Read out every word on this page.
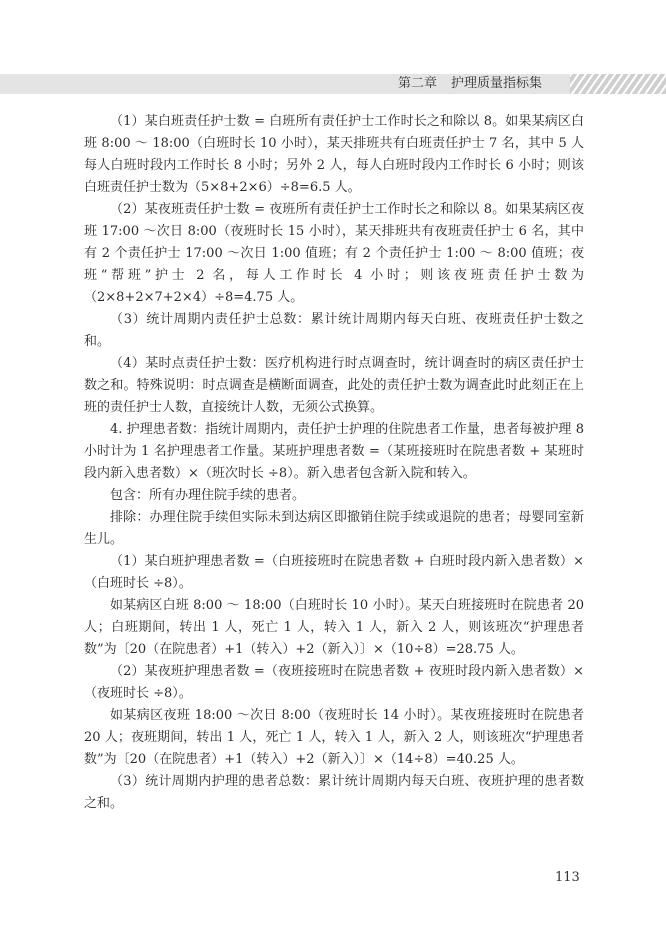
第二章 护理质量指标集

（1）某白班责任护士数 = 白班所有责任护士工作时长之和除以 8。如果某病区白班 8:00 ～ 18:00（白班时长 10 小时），某天排班共有白班责任护士 7 名，其中 5 人每人白班时段内工作时长 8 小时；另外 2 人，每人白班时段内工作时长 6 小时；则该白班责任护士数为（5×8+2×6）÷8=6.5 人。

（2）某夜班责任护士数 = 夜班所有责任护士工作时长之和除以 8。如果某病区夜班 17:00 ～次日 8:00（夜班时长 15 小时），某天排班共有夜班责任护士 6 名，其中有 2 个责任护士 17:00 ～次日 1:00 值班；有 2 个责任护士 1:00 ～ 8:00 值班；夜班“帮班”护士 2 名，每人工作时长 4 小时；则该夜班责任护士数为（2×8+2×7+2×4）÷8=4.75 人。

（3）统计周期内责任护士总数：累计统计周期内每天白班、夜班责任护士数之和。

（4）某时点责任护士数：医疗机构进行时点调查时，统计调查时的病区责任护士数之和。特殊说明：时点调查是横断面调查，此处的责任护士数为调查此时此刻正在上班的责任护士人数，直接统计人数，无须公式换算。

4. 护理患者数：指统计周期内，责任护士护理的住院患者工作量，患者每被护理 8 小时计为 1 名护理患者工作量。某班护理患者数 =（某班接班时在院患者数 + 某班时段内新入患者数）×（班次时长 ÷8）。新入患者包含新入院和转入。

包含：所有办理住院手续的患者。

排除：办理住院手续但实际未到达病区即撤销住院手续或退院的患者；母婴同室新生儿。

（1）某白班护理患者数 =（白班接班时在院患者数 + 白班时段内新入患者数）×（白班时长 ÷8）。

如某病区白班 8:00 ～ 18:00（白班时长 10 小时）。某天白班接班时在院患者 20 人；白班期间，转出 1 人，死亡 1 人，转入 1 人，新入 2 人，则该班次“护理患者数”为〔20（在院患者）+1（转入）+2（新入）〕×（10÷8）=28.75 人。

（2）某夜班护理患者数 =（夜班接班时在院患者数 + 夜班时段内新入患者数）×（夜班时长 ÷8）。

如某病区夜班 18:00 ～次日 8:00（夜班时长 14 小时）。某夜班接班时在院患者 20 人；夜班期间，转出 1 人，死亡 1 人，转入 1 人，新入 2 人，则该班次“护理患者数”为〔20（在院患者）+1（转入）+2（新入）〕×（14÷8）=40.25 人。

（3）统计周期内护理的患者总数：累计统计周期内每天白班、夜班护理的患者数之和。

113
